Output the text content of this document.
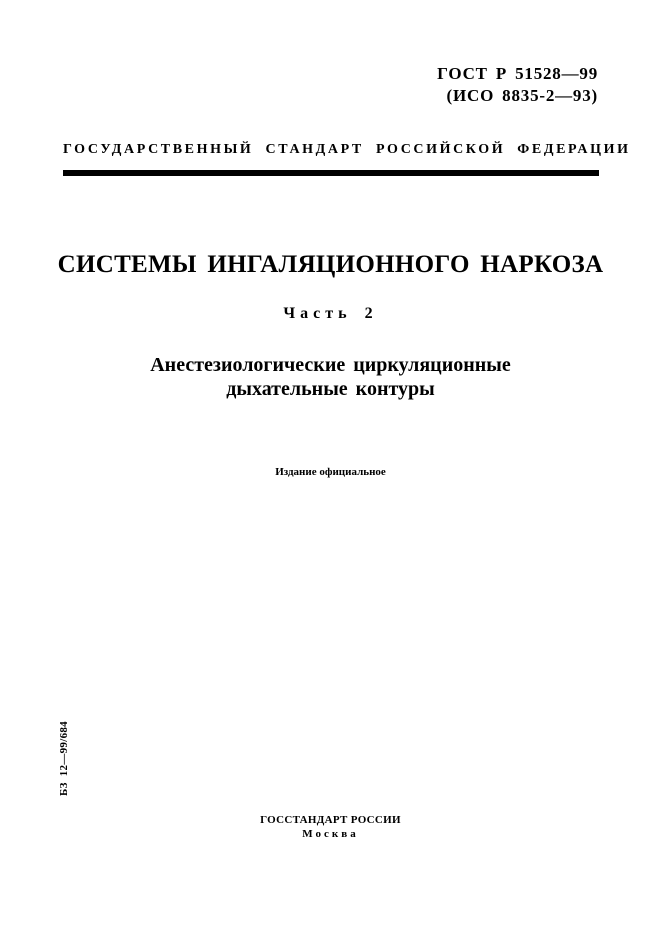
ГОСТ Р 51528—99
(ИСО 8835-2—93)
ГОСУДАРСТВЕННЫЙ СТАНДАРТ РОССИЙСКОЙ ФЕДЕРАЦИИ
СИСТЕМЫ ИНГАЛЯЦИОННОГО НАРКОЗА
Часть 2
Анестезиологические циркуляционные
дыхательные контуры
Издание официальное
БЗ 12—99/684
ГОССТАНДАРТ РОССИИ
Москва
